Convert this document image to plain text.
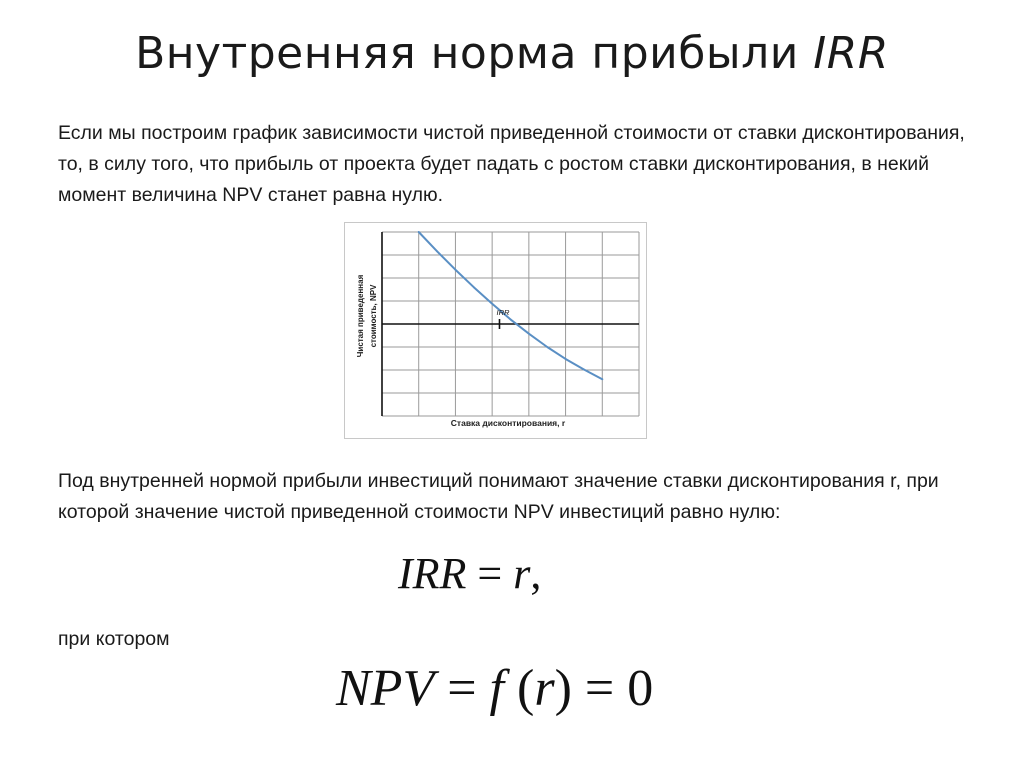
Внутренняя норма прибыли IRR
Если мы построим график зависимости чистой приведенной стоимости от ставки дисконтирования, то, в силу того, что прибыль от проекта будет падать с ростом ставки дисконтирования, в некий момент величина NPV станет равна нулю.
IRR
Ставка дисконтирования, r
Чистая приведенная стоимость, NPV
Под внутренней нормой прибыли инвестиций понимают значение ставки дисконтирования r, при которой значение чистой приведенной стоимости NPV инвестиций равно нулю:
IRR = r,
при котором
NPV = f (r) = 0
